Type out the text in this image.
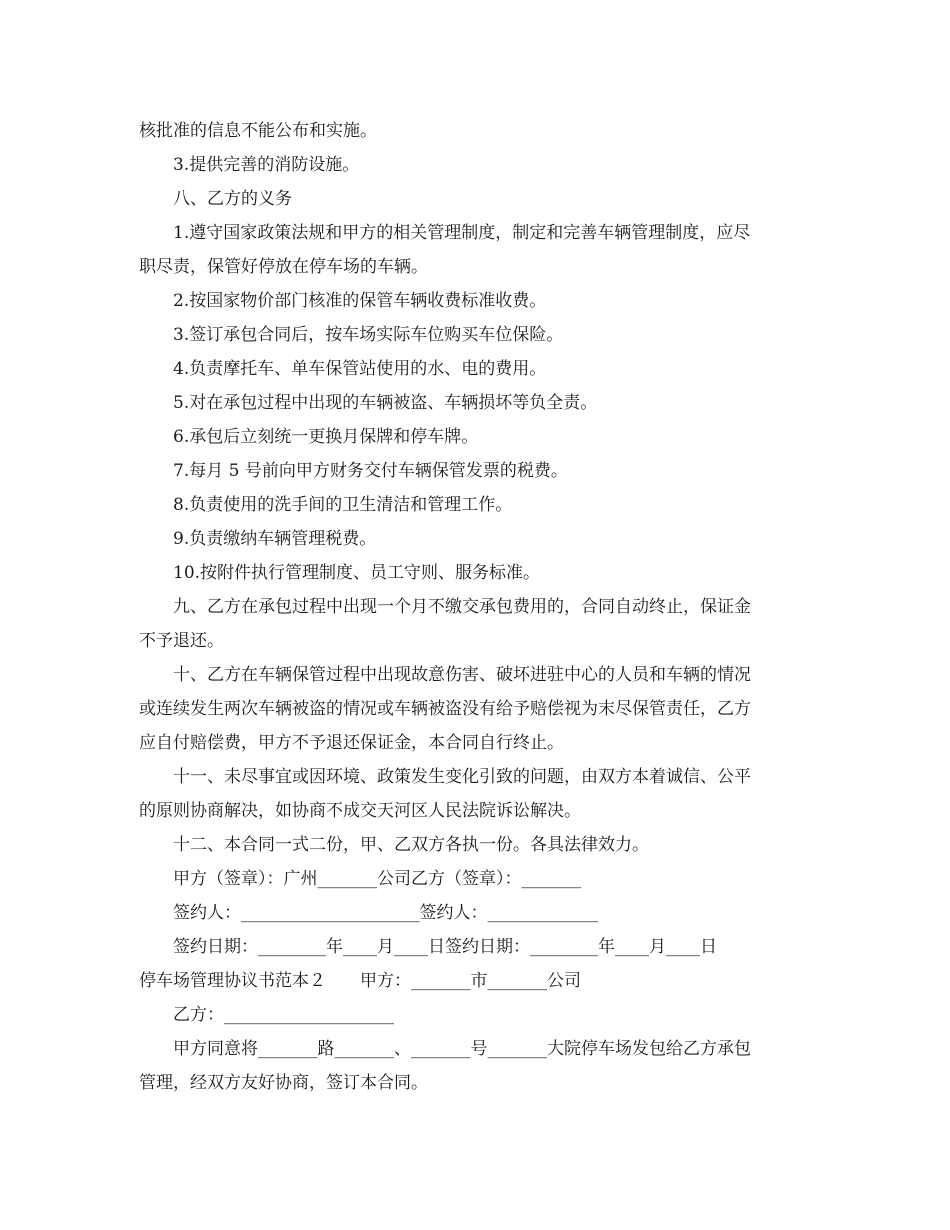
核批准的信息不能公布和实施。
3.提供完善的消防设施。
八、乙方的义务
1.遵守国家政策法规和甲方的相关管理制度，制定和完善车辆管理制度，应尽
职尽责，保管好停放在停车场的车辆。
2.按国家物价部门核准的保管车辆收费标准收费。
3.签订承包合同后，按车场实际车位购买车位保险。
4.负责摩托车、单车保管站使用的水、电的费用。
5.对在承包过程中出现的车辆被盗、车辆损坏等负全责。
6.承包后立刻统一更换月保牌和停车牌。
7.每月 5 号前向甲方财务交付车辆保管发票的税费。
8.负责使用的洗手间的卫生清洁和管理工作。
9.负责缴纳车辆管理税费。
10.按附件执行管理制度、员工守则、服务标准。
九、乙方在承包过程中出现一个月不缴交承包费用的，合同自动终止，保证金
不予退还。
十、乙方在车辆保管过程中出现故意伤害、破坏进驻中心的人员和车辆的情况
或连续发生两次车辆被盗的情况或车辆被盗没有给予赔偿视为末尽保管责任，乙方
应自付赔偿费，甲方不予退还保证金，本合同自行终止。
十一、未尽事宜或因环境、政策发生变化引致的问题，由双方本着诚信、公平
的原则协商解决，如协商不成交天河区人民法院诉讼解决。
十二、本合同一式二份，甲、乙双方各执一份。各具法律效力。
甲方（签章）：广州_______公司乙方（签章）：_______
签约人：_____________________签约人：_____________
签约日期：________年____月____日签约日期：________年____月____日
停车场管理协议书范本２　　甲方：_______市_______公司
乙方：____________________
甲方同意将_______路_______、_______号_______大院停车场发包给乙方承包
管理，经双方友好协商，签订本合同。
